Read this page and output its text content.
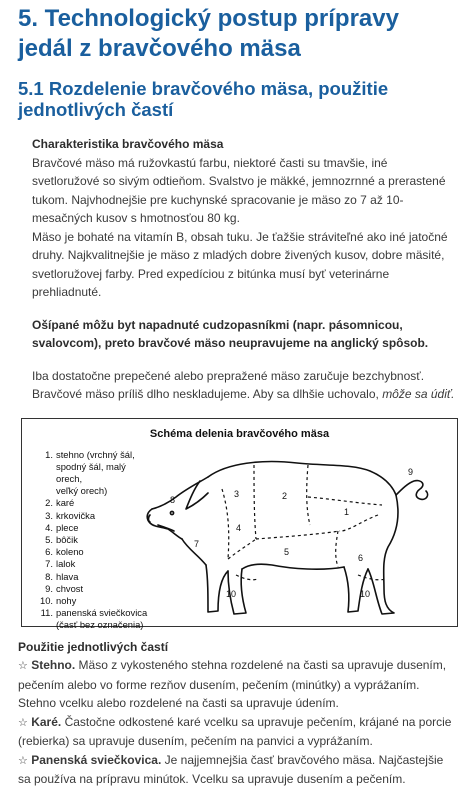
5. Technologický postup prípravy jedál z bravčového mäsa
5.1 Rozdelenie bravčového mäsa, použitie jednotlivých častí

Charakteristika bravčového mäsa

Bravčové mäso má ružovkastú farbu, niektoré časti su tmavšie, iné svetloružové so sivým odtieňom. Svalstvo je mäkké, jemnozrnné a prerastené tukom. Najvhodnejšie pre kuchynské spracovanie je mäso zo 7 až 10-mesačných kusov s hmotnosťou 80 kg.

Mäso je bohaté na vitamín B, obsah tuku. Je ťažšie stráviteľné ako iné jatočné druhy. Najkvalitnejšie je mäso z mladých dobre živených kusov, dobre mäsité, svetloružovej farby. Pred expedíciou z bitúnka musí byť veterinárne prehliadnuté.

Ošípané môžu byt napadnuté cudzopasníkmi (napr. pásomnicou, svalovcom), preto bravčové mäso neupravujeme na anglický spôsob.

Iba dostatočne prepečené alebo prepražené mäso zaručuje bezchybnosť. Bravčové mäso príliš dlho neskladujeme. Aby sa dlhšie uchovalo, môže sa údiť.

Schéma delenia bravčového mäsa
1. stehno (vrchný šál,
spodný šál, malý orech,
veľký orech)
2. karé
3. krkovička
4. plece
5. bôčik
6. koleno
7. lalok
8. hlava
9. chvost
10. nohy
11. panenská sviečkovica
(časť bez označenia)
1
2
3
4
5
6
7
8
9
10	10

Použitie jednotlivých častí

☆ Stehno. Mäso z vykosteného stehna rozdelené na časti sa upravuje dusením, pečením alebo vo forme rezňov dusením, pečením (minútky) a vyprážaním. Stehno vcelku alebo rozdelené na časti sa upravuje údením.

☆ Karé. Častočne odkostené karé vcelku sa upravuje pečením, krájané na porcie (rebierka) sa upravuje dusením, pečením na panvici a vyprážaním.

☆ Panenská sviečkovica. Je najjemnejšia časť bravčového mäsa. Najčastejšie sa používa na prípravu minútok. Vcelku sa upravuje dusením a pečením.
